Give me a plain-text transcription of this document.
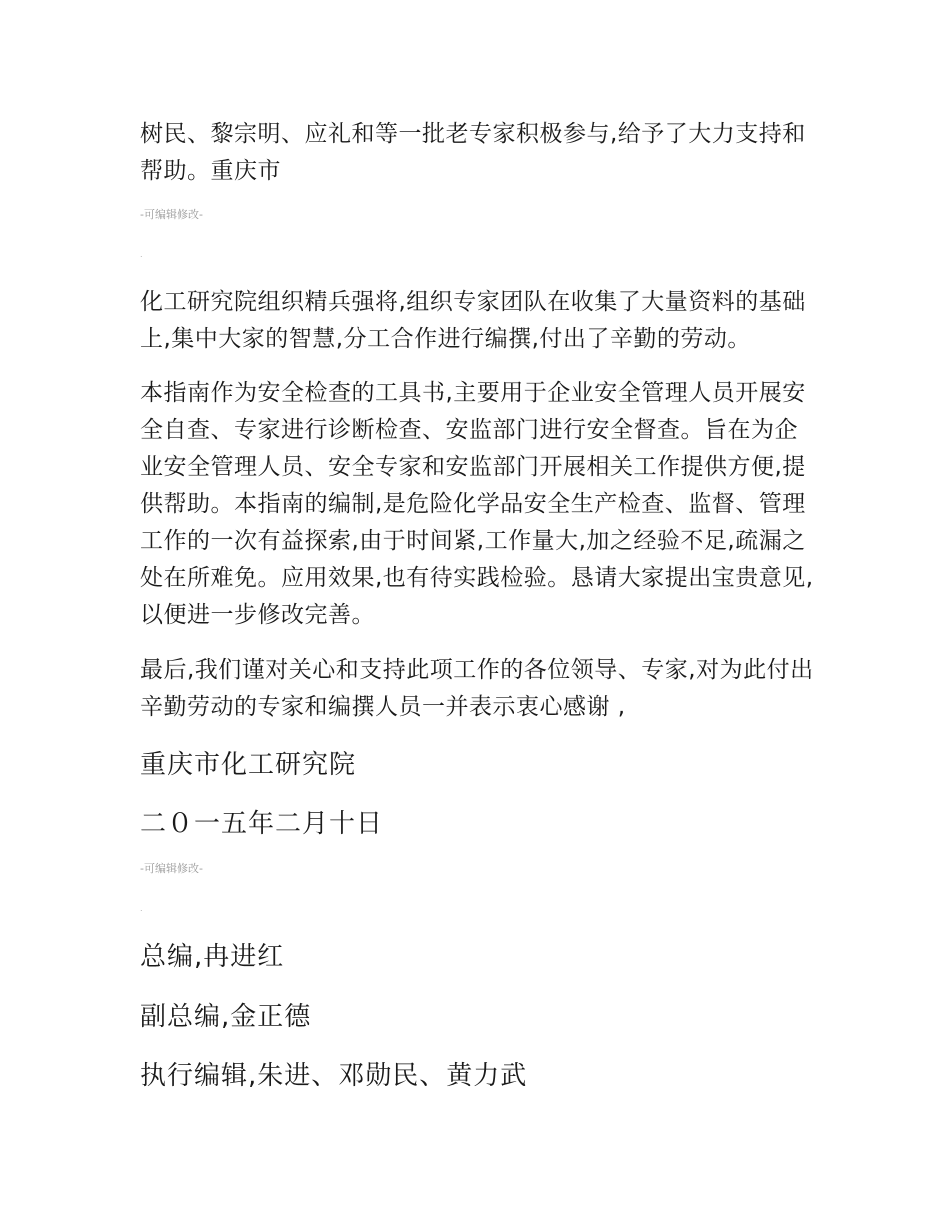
树民、黎宗明、应礼和等一批老专家积极参与,给予了大力支持和帮助。重庆市

-可编辑修改-

.

化工研究院组织精兵强将,组织专家团队在收集了大量资料的基础上,集中大家的智慧,分工合作进行编撰,付出了辛勤的劳动。

本指南作为安全检查的工具书,主要用于企业安全管理人员开展安全自查、专家进行诊断检查、安监部门进行安全督查。旨在为企业安全管理人员、安全专家和安监部门开展相关工作提供方便,提供帮助。本指南的编制,是危险化学品安全生产检查、监督、管理工作的一次有益探索,由于时间紧,工作量大,加之经验不足,疏漏之处在所难免。应用效果,也有待实践检验。恳请大家提出宝贵意见,以便进一步修改完善。

最后,我们谨对关心和支持此项工作的各位领导、专家,对为此付出辛勤劳动的专家和编撰人员一并表示衷心感谢 ,

重庆市化工研究院

二０一五年二月十日

-可编辑修改-

.

总编,冉进红

副总编,金正德

执行编辑,朱进、邓勋民、黄力武
